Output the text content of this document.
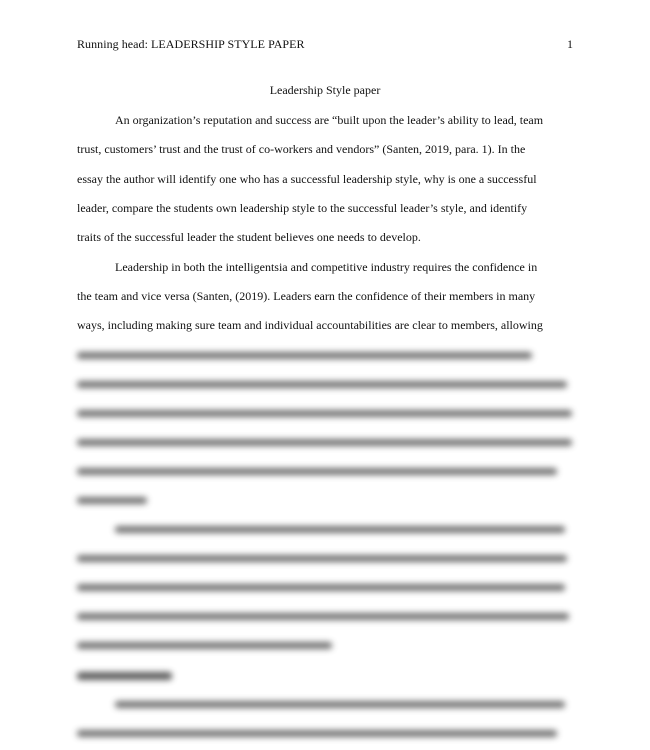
Running head: LEADERSHIP STYLE PAPER	1
Leadership Style paper
An organization’s reputation and success are “built upon the leader’s ability to lead, team
trust, customers’ trust and the trust of co-workers and vendors” (Santen, 2019, para. 1). In the
essay the author will identify one who has a successful leadership style, why is one a successful
leader, compare the students own leadership style to the successful leader’s style, and identify
traits of the successful leader the student believes one needs to develop.
Leadership in both the intelligentsia and competitive industry requires the confidence in
the team and vice versa (Santen, (2019). Leaders earn the confidence of their members in many
ways, including making sure team and individual accountabilities are clear to members, allowing
